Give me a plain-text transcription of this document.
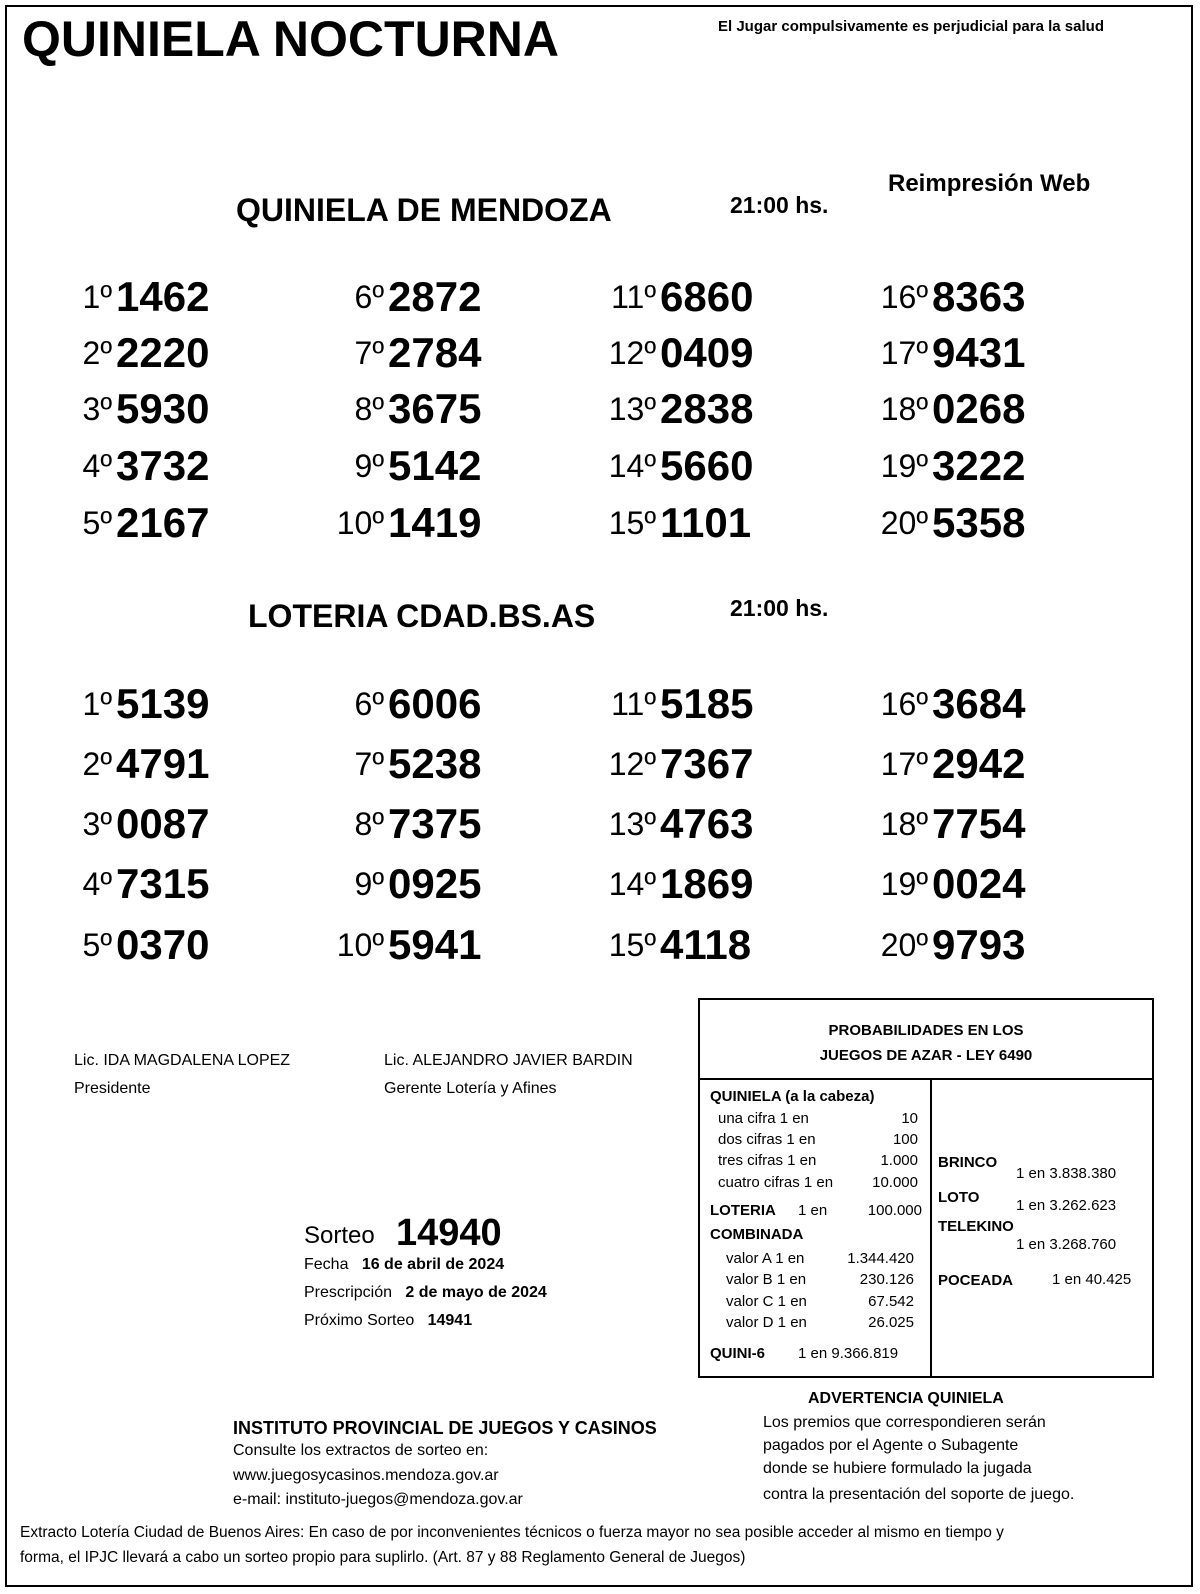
QUINIELA NOCTURNA	El Jugar compulsivamente es perjudicial para la salud
Reimpresión Web
QUINIELA DE MENDOZA	21:00 hs.
1º 1462
2º 2220
3º 5930
4º 3732
5º 2167
6º 2872
7º 2784
8º 3675
9º 5142
10º 1419
11º 6860
12º 0409
13º 2838
14º 5660
15º 1101
16º 8363
17º 9431
18º 0268
19º 3222
20º 5358
LOTERIA CDAD.BS.AS	21:00 hs.
1º 5139
2º 4791
3º 0087
4º 7315
5º 0370
6º 6006
7º 5238
8º 7375
9º 0925
10º 5941
11º 5185
12º 7367
13º 4763
14º 1869
15º 4118
16º 3684
17º 2942
18º 7754
19º 0024
20º 9793
Lic. IDA MAGDALENA LOPEZ
Presidente
Lic. ALEJANDRO JAVIER BARDIN
Gerente Lotería y Afines
PROBABILIDADES EN LOS
JUEGOS DE AZAR - LEY 6490
QUINIELA (a la cabeza)
una cifra 1 en	10
dos cifras 1 en	100
tres cifras 1 en	1.000
cuatro cifras 1 en	10.000
LOTERIA 1 en	100.000
COMBINADA
valor A 1 en	1.344.420
valor B 1 en	230.126
valor C 1 en	67.542
valor D 1 en	26.025
QUINI-6 1 en 9.366.819
BRINCO
1 en 3.838.380
LOTO 1 en 3.262.623
TELEKINO
1 en 3.268.760
POCEADA	1 en 40.425
Sorteo 14940
Fecha 16 de abril de 2024
Prescripción 2 de mayo de 2024
Próximo Sorteo 14941
INSTITUTO PROVINCIAL DE JUEGOS Y CASINOS
Consulte los extractos de sorteo en:
www.juegosycasinos.mendoza.gov.ar
e-mail: instituto-juegos@mendoza.gov.ar
ADVERTENCIA QUINIELA
Los premios que correspondieren serán
pagados por el Agente o Subagente
donde se hubiere formulado la jugada
contra la presentación del soporte de juego.
Extracto Lotería Ciudad de Buenos Aires: En caso de por inconvenientes técnicos o fuerza mayor no sea posible acceder al mismo en tiempo y
forma, el IPJC llevará a cabo un sorteo propio para suplirlo. (Art. 87 y 88 Reglamento General de Juegos)
